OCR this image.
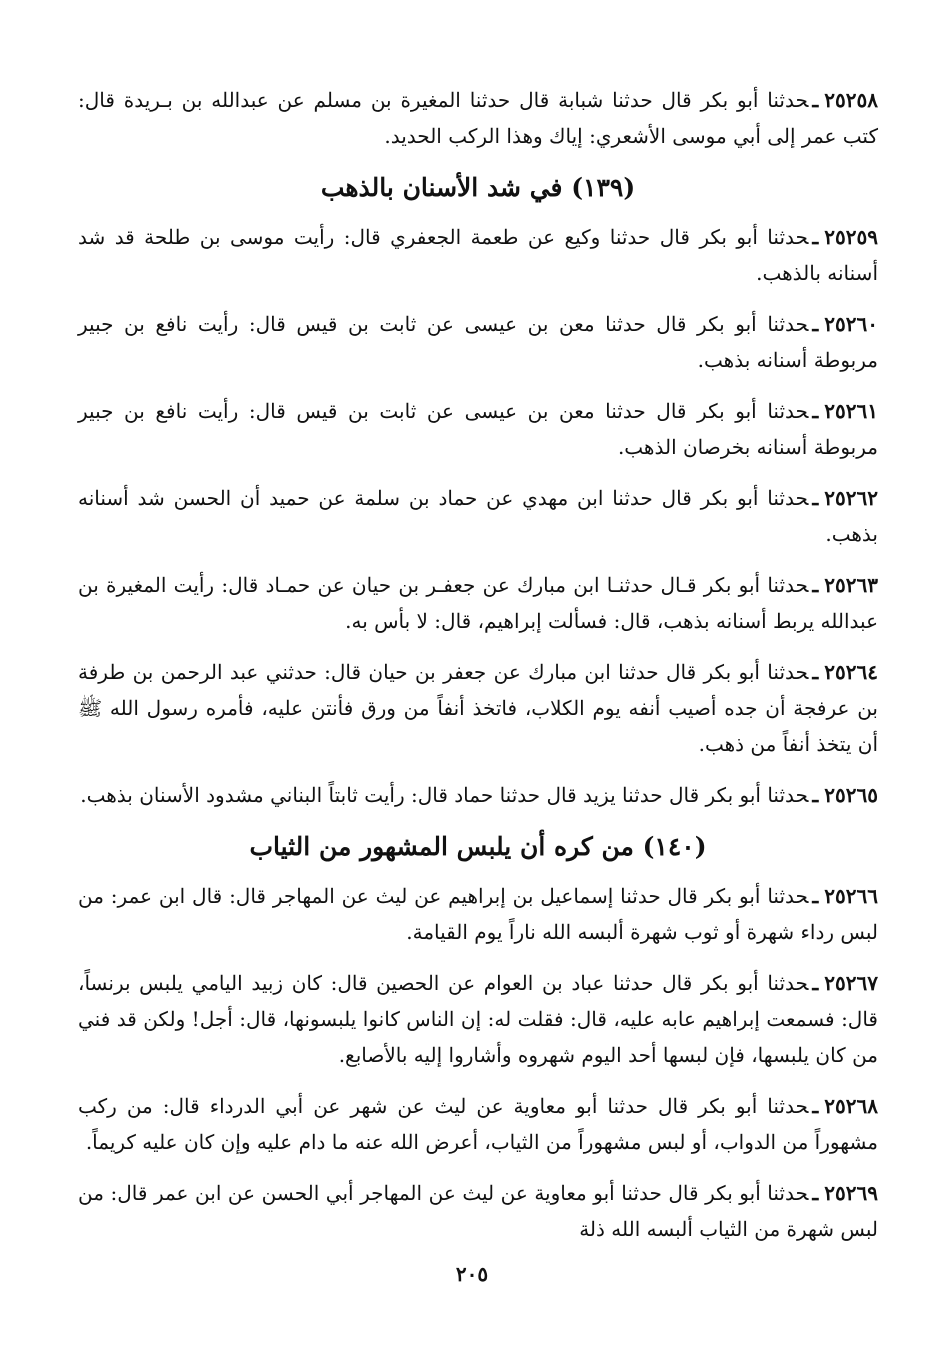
٢٥٢٥٨ـحدثنا أبو بكر قال حدثنا شبابة قال حدثنا المغيرة بن مسلم عن عبدالله بن بـريدة قال: كتب عمر إلى أبي موسى الأشعري: إياك وهذا الركب الحديد.
(١٣٩) في شد الأسنان بالذهب
٢٥٢٥٩ـحدثنا أبو بكر قال حدثنا وكيع عن طعمة الجعفري قال: رأيت موسى بن طلحة قد شد أسنانه بالذهب.
٢٥٢٦٠ـحدثنا أبو بكر قال حدثنا معن بن عيسى عن ثابت بن قيس قال: رأيت نافع بن جبير مربوطة أسنانه بذهب.
٢٥٢٦١ـحدثنا أبو بكر قال حدثنا معن بن عيسى عن ثابت بن قيس قال: رأيت نافع بن جبير مربوطة أسنانه بخرصان الذهب.
٢٥٢٦٢ـحدثنا أبو بكر قال حدثنا ابن مهدي عن حماد بن سلمة عن حميد أن الحسن شد أسنانه بذهب.
٢٥٢٦٣ـحدثنا أبو بكر قـال حدثنـا ابن مبارك عن جعفـر بن حيان عن حمـاد قال: رأيت المغيرة بن عبدالله يربط أسنانه بذهب، قال: فسألت إبراهيم، قال: لا بأس به.
٢٥٢٦٤ـحدثنا أبو بكر قال حدثنا ابن مبارك عن جعفر بن حيان قال: حدثني عبد الرحمن بن طرفة بن عرفجة أن جده أصيب أنفه يوم الكلاب، فاتخذ أنفاً من ورق فأنتن عليه، فأمره رسول الله ﷺ أن يتخذ أنفاً من ذهب.
٢٥٢٦٥ـحدثنا أبو بكر قال حدثنا يزيد قال حدثنا حماد قال: رأيت ثابتاً البناني مشدود الأسنان بذهب.
(١٤٠) من كره أن يلبس المشهور من الثياب
٢٥٢٦٦ـحدثنا أبو بكر قال حدثنا إسماعيل بن إبراهيم عن ليث عن المهاجر قال: قال ابن عمر: من لبس رداء شهرة أو ثوب شهرة ألبسه الله ناراً يوم القيامة.
٢٥٢٦٧ـحدثنا أبو بكر قال حدثنا عباد بن العوام عن الحصين قال: كان زبيد اليامي يلبس برنساً، قال: فسمعت إبراهيم عابه عليه، قال: فقلت له: إن الناس كانوا يلبسونها، قال: أجل! ولكن قد فني من كان يلبسها، فإن لبسها أحد اليوم شهروه وأشاروا إليه بالأصابع.
٢٥٢٦٨ـحدثنا أبو بكر قال حدثنا أبو معاوية عن ليث عن شهر عن أبي الدرداء قال: من ركب مشهوراً من الدواب، أو لبس مشهوراً من الثياب، أعرض الله عنه ما دام عليه وإن كان عليه كريماً.
٢٥٢٦٩ـحدثنا أبو بكر قال حدثنا أبو معاوية عن ليث عن المهاجر أبي الحسن عن ابن عمر قال: من لبس شهرة من الثياب ألبسه الله ذلة
٢٠٥
